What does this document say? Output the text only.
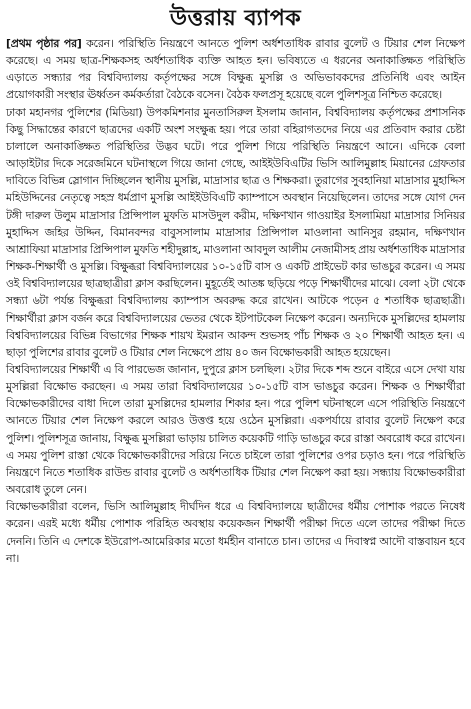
উত্তরায় ব্যাপক

[প্রথম পৃষ্ঠার পর] করেন। পরিস্থিতি নিয়ন্ত্রণে আনতে পুলিশ অর্ধশতাধিক রাবার বুলেট ও টিয়ার শেল নিক্ষেপ করেছে। এ সময় ছাত্র-শিক্ষকসহ অর্ধশতাধিক ব্যক্তি আহত হন। ভবিষ্যতে এ ধরনের অনাকাঙ্ক্ষিত পরিস্থিতি এড়াতে সন্ধ্যার পর বিশ্ববিদ্যালয় কর্তৃপক্ষের সঙ্গে বিক্ষুব্ধ মুসল্লি ও অভিভাবকদের প্রতিনিধি এবং আইন প্রয়োগকারী সংস্থার ঊর্ধ্বতন কর্মকর্তারা বৈঠকে বসেন। বৈঠক ফলপ্রসূ হয়েছে বলে পুলিশসূত্র নিশ্চিত করেছে।

ঢাকা মহানগর পুলিশের (মিডিয়া) উপকমিশনার মুনতাসিরুল ইসলাম জানান, বিশ্ববিদ্যালয় কর্তৃপক্ষের প্রশাসনিক কিছু সিদ্ধান্তের কারণে ছাত্রদের একটি অংশ সংক্ষুব্ধ হয়। পরে তারা বহিরাগতদের নিয়ে এর প্রতিবাদ করার চেষ্টা চালালে অনাকাঙ্ক্ষিত পরিস্থিতির উদ্ভব ঘটে। পরে পুলিশ গিয়ে পরিস্থিতি নিয়ন্ত্রণে আনে। এদিকে বেলা আড়াইটার দিকে সরেজমিনে ঘটনাস্থলে গিয়ে জানা গেছে, আইইউবিএটির ভিসি আলিমুল্লাহ মিয়ানের গ্রেফতার দাবিতে বিভিন্ন স্লোগান দিচ্ছিলেন স্থানীয় মুসল্লি, মাদ্রাসার ছাত্র ও শিক্ষকরা। তুরাগের সুবহানিয়া মাদ্রাসার মুহাদ্দিস মহিউদ্দিনের নেতৃত্বে সহস্র ধর্মপ্রাণ মুসল্লি আইইউবিএটি ক্যাম্পাসে অবস্থান নিয়েছিলেন। তাদের সঙ্গে যোগ দেন টঙ্গী দারুল উলুম মাদ্রাসার প্রিন্সিপাল মুফতি মাসউদুল করীম, দক্ষিণখান গাওয়াইর ইসলামিয়া মাদ্রাসার সিনিয়র মুহাদ্দিস জহির উদ্দিন, বিমানবন্দর বাবুসসালাম মাদ্রাসার প্রিন্সিপাল মাওলানা আনিসুর রহমান, দক্ষিণখান আশ্রাফিয়া মাদ্রাসার প্রিন্সিপাল মুফতি শহীদুল্লাহ, মাওলানা আবদুল আলীম নেজামীসহ প্রায় অর্ধশতাধিক মাদ্রাসার শিক্ষক-শিক্ষার্থী ও মুসল্লি। বিক্ষুব্ধরা বিশ্ববিদ্যালয়ের ১০-১৫টি বাস ও একটি প্রাইভেট কার ভাঙচুর করেন। এ সময় ওই বিশ্ববিদ্যালয়ের ছাত্রছাত্রীরা ক্লাস করছিলেন। মুহূর্তেই আতঙ্ক ছড়িয়ে পড়ে শিক্ষার্থীদের মাঝে। বেলা ২টা থেকে সন্ধ্যা ৬টা পর্যন্ত বিক্ষুব্ধরা বিশ্ববিদ্যালয় ক্যাম্পাস অবরুদ্ধ করে রাখেন। আটকে পড়েন ৫ শতাধিক ছাত্রছাত্রী। শিক্ষার্থীরা ক্লাস বর্জন করে বিশ্ববিদ্যালয়ের ভেতর থেকে ইটপাটকেল নিক্ষেপ করেন। অন্যদিকে মুসল্লিদের হামলায় বিশ্ববিদ্যালয়ের বিভিন্ন বিভাগের শিক্ষক শায়খ ইমরান আকন্দ শুভসহ পাঁচ শিক্ষক ও ২০ শিক্ষার্থী আহত হন। এ ছাড়া পুলিশের রাবার বুলেট ও টিয়ার শেল নিক্ষেপে প্রায় ৪০ জন বিক্ষোভকারী আহত হয়েছেন।

বিশ্ববিদ্যালয়ের শিক্ষার্থী এ বি পারভেজ জানান, দুপুরে ক্লাস চলছিল। ২টার দিকে শব্দ শুনে বাইরে এসে দেখা যায় মুসল্লিরা বিক্ষোভ করছেন। এ সময় তারা বিশ্ববিদ্যালয়ের ১০-১৫টি বাস ভাঙচুর করেন। শিক্ষক ও শিক্ষার্থীরা বিক্ষোভকারীদের বাধা দিলে তারা মুসল্লিদের হামলার শিকার হন। পরে পুলিশ ঘটনাস্থলে এসে পরিস্থিতি নিয়ন্ত্রণে আনতে টিয়ার শেল নিক্ষেপ করলে আরও উত্তপ্ত হয়ে ওঠেন মুসল্লিরা। একপর্যায়ে রাবার বুলেট নিক্ষেপ করে পুলিশ। পুলিশসূত্র জানায়, বিক্ষুব্ধ মুসল্লিরা ভাড়ায় চালিত কয়েকটি গাড়ি ভাঙচুর করে রাস্তা অবরোধ করে রাখেন। এ সময় পুলিশ রাস্তা থেকে বিক্ষোভকারীদের সরিয়ে নিতে চাইলে তারা পুলিশের ওপর চড়াও হন। পরে পরিস্থিতি নিয়ন্ত্রণে নিতে শতাধিক রাউন্ড রাবার বুলেট ও অর্ধশতাধিক টিয়ার শেল নিক্ষেপ করা হয়। সন্ধ্যায় বিক্ষোভকারীরা অবরোধ তুলে নেন।

বিক্ষোভকারীরা বলেন, ভিসি আলিমুল্লাহ দীর্ঘদিন ধরে এ বিশ্ববিদ্যালয়ে ছাত্রীদের ধর্মীয় পোশাক পরতে নিষেধ করেন। এরই মধ্যে ধর্মীয় পোশাক পরিহিত অবস্থায় কয়েকজন শিক্ষার্থী পরীক্ষা দিতে এলে তাদের পরীক্ষা দিতে দেননি। তিনি এ দেশকে ইউরোপ-আমেরিকার মতো ধর্মহীন বানাতে চান। তাদের এ দিবাস্বপ্ন আদৌ বাস্তবায়ন হবে না।
